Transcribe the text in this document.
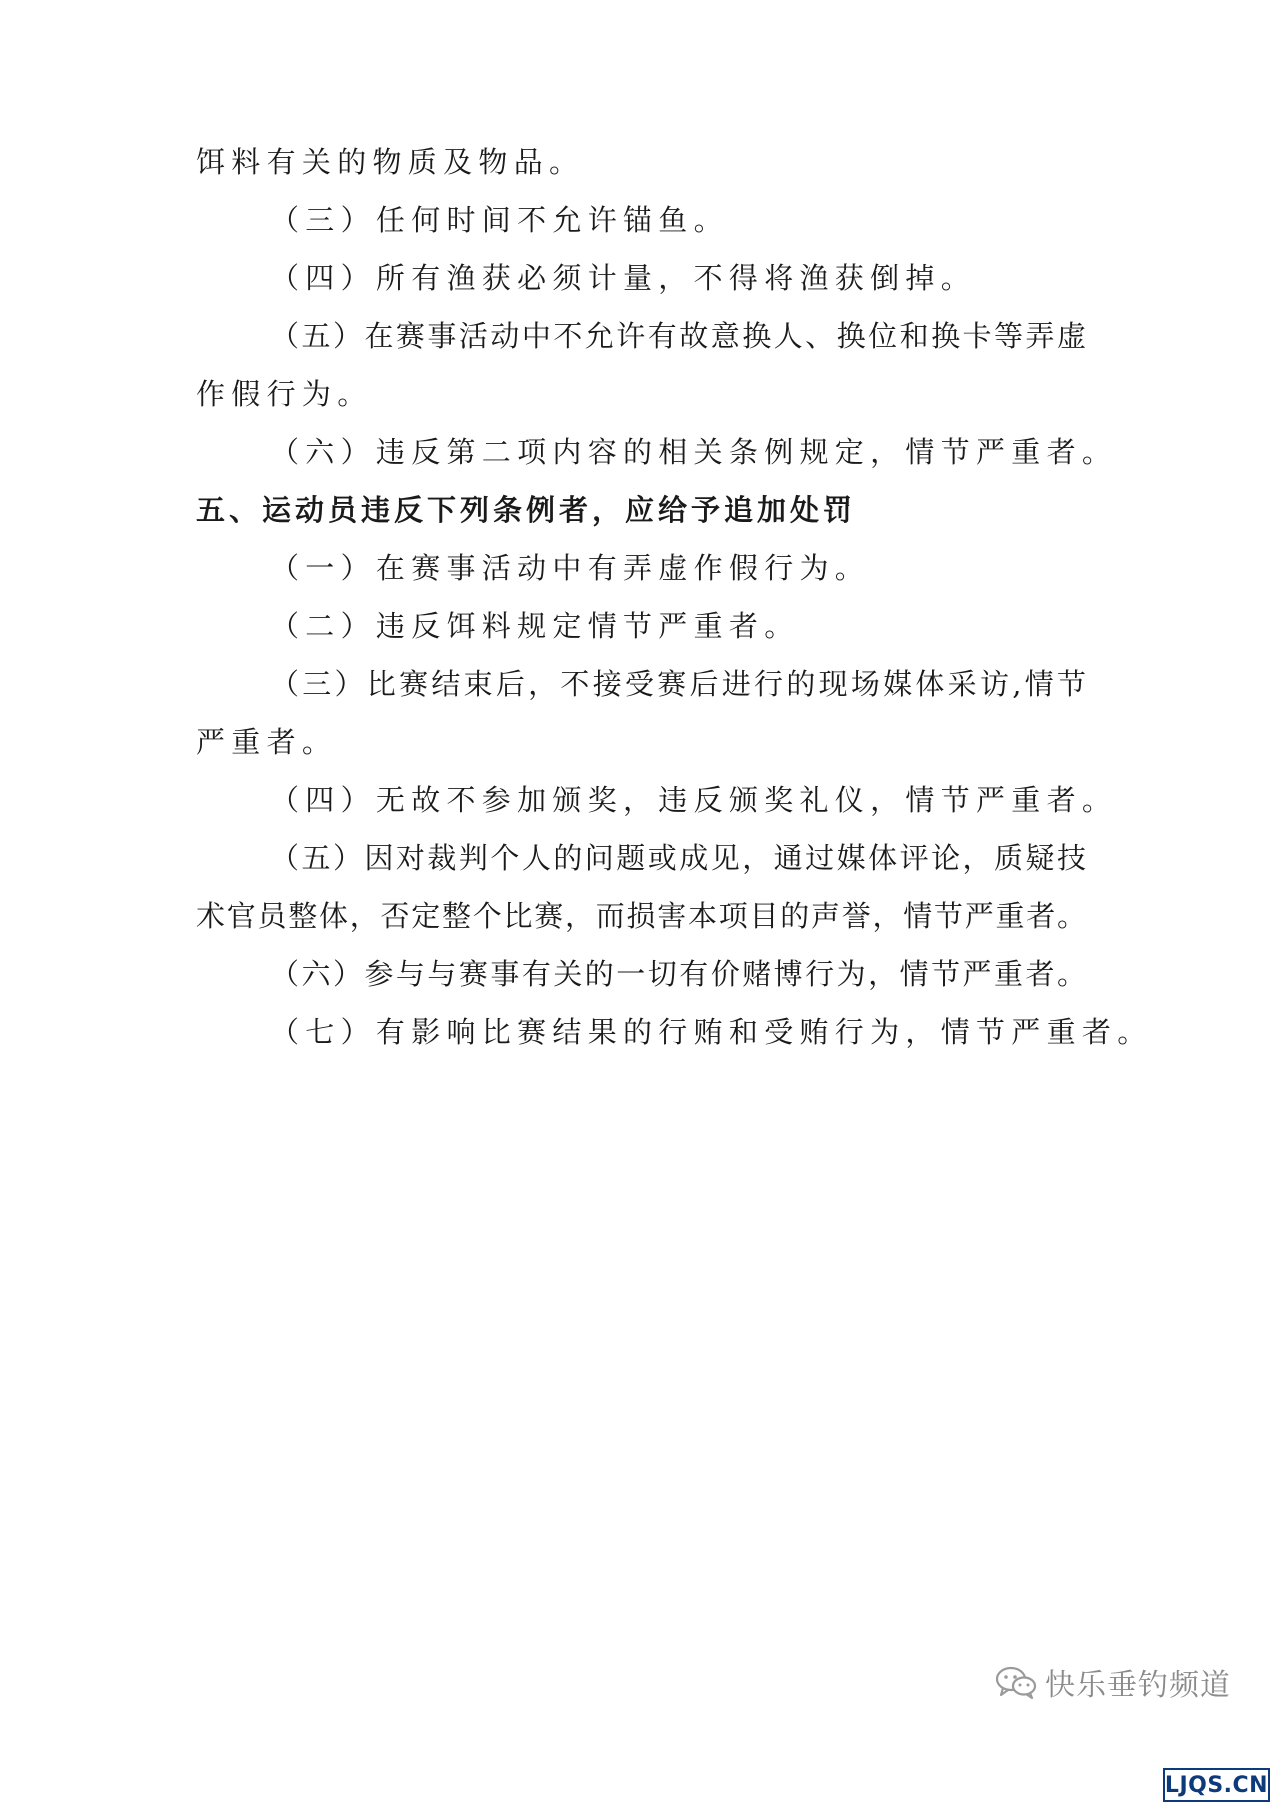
饵料有关的物质及物品。
（三）任何时间不允许锚鱼。
（四）所有渔获必须计量，不得将渔获倒掉。
（五）在赛事活动中不允许有故意换人、换位和换卡等弄虚
作假行为。
（六）违反第二项内容的相关条例规定，情节严重者。
五、运动员违反下列条例者，应给予追加处罚
（一）在赛事活动中有弄虚作假行为。
（二）违反饵料规定情节严重者。
（三）比赛结束后，不接受赛后进行的现场媒体采访,情节
严重者。
（四）无故不参加颁奖，违反颁奖礼仪，情节严重者。
（五）因对裁判个人的问题或成见，通过媒体评论，质疑技
术官员整体，否定整个比赛，而损害本项目的声誉，情节严重者。
（六）参与与赛事有关的一切有价赌博行为，情节严重者。
（七）有影响比赛结果的行贿和受贿行为，情节严重者。
快乐垂钓频道
LJQS.CN
